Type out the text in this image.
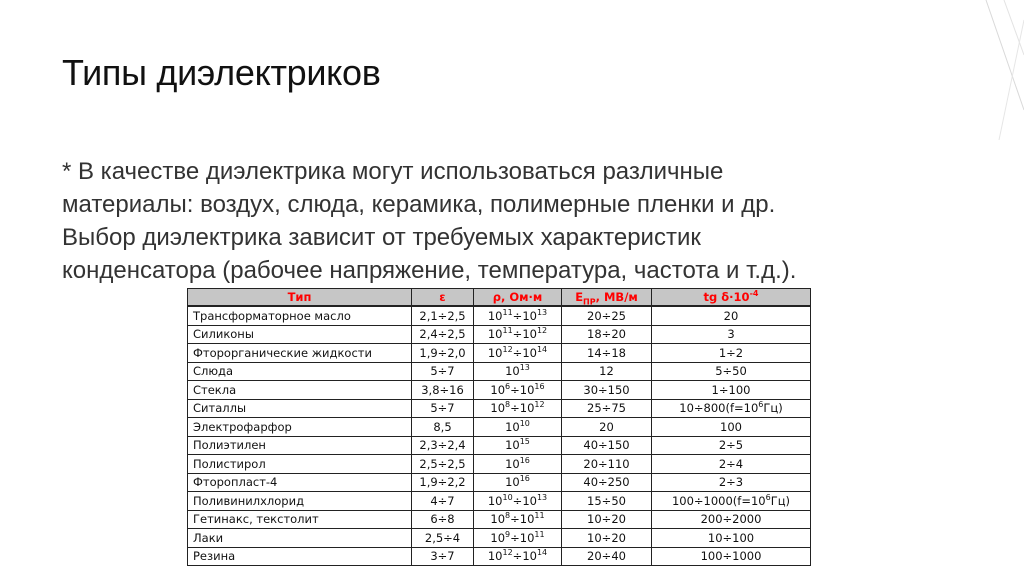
Типы диэлектриков
* В качестве диэлектрика могут использоваться различные
материалы: воздух, слюда, керамика, полимерные пленки и др.
Выбор диэлектрика зависит от требуемых характеристик
конденсатора (рабочее напряжение, температура, частота и т.д.).
Тип	ε	ρ, Ом·м	$E_{ПР}$, МВ/м	tg $\delta\cdot 10^{-4}$
Трансформаторное масло	2,1÷2,5	$10^{11}\div 10^{13}$	20÷25	20
Силиконы	2,4÷2,5	$10^{11}\div 10^{12}$	18÷20	3
Фторорганические жидкости	1,9÷2,0	$10^{12}\div 10^{14}$	14÷18	1÷2
Слюда	5÷7	$10^{13}$	12	5÷50
Стекла	3,8÷16	$10^6\div 10^{16}$	30÷150	1÷100
Ситаллы	5÷7	$10^8\div 10^{12}$	25÷75	$10\div 800(f=10^6Гц)$
Электрофарфор	8,5	$10^{10}$	20	100
Полиэтилен	2,3÷2,4	$10^{15}$	40÷150	2÷5
Полистирол	2,5÷2,5	$10^{16}$	20÷110	2÷4
Фторопласт-4	1,9÷2,2	$10^{16}$	40÷250	2÷3
Поливинилхлорид	4÷7	$10^{10}\div 10^{13}$	15÷50	$100\div 1000(f=10^6Гц)$
Гетинакс, текстолит	6÷8	$10^8\div 10^{11}$	10÷20	200÷2000
Лаки	2,5÷4	$10^9\div 10^{11}$	10÷20	10÷100
Резина	3÷7	$10^{12}\div 10^{14}$	20÷40	100÷1000
